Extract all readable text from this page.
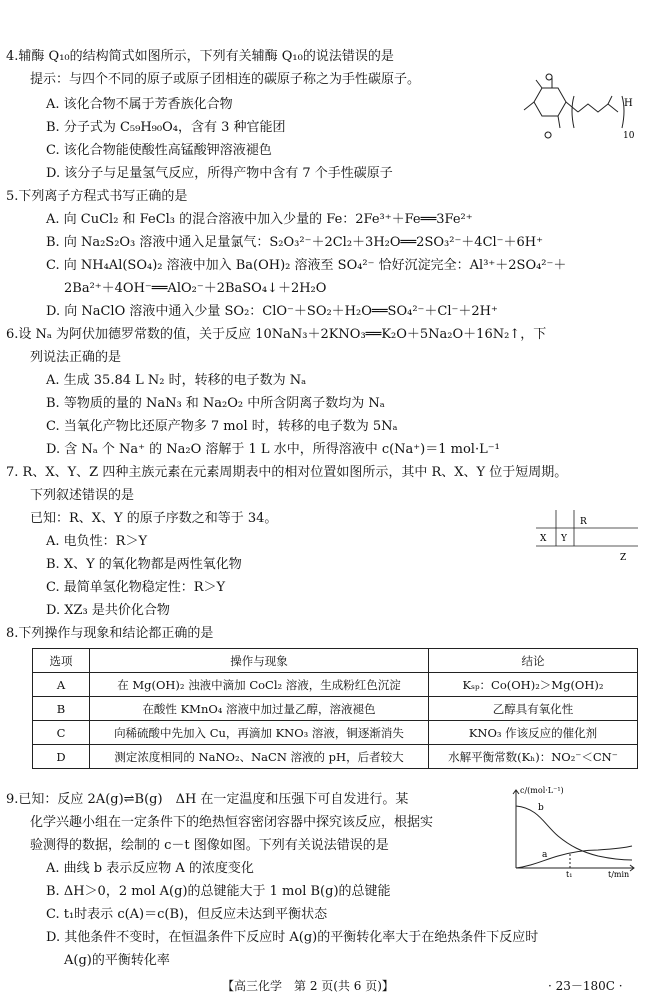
4.辅酶 Q₁₀的结构简式如图所示，下列有关辅酶 Q₁₀的说法错误的是
提示：与四个不同的原子或原子团相连的碳原子称之为手性碳原子。
A. 该化合物不属于芳香族化合物
B. 分子式为 C₅₉H₉₀O₄，含有 3 种官能团
C. 该化合物能使酸性高锰酸钾溶液褪色
D. 该分子与足量氢气反应，所得产物中含有 7 个手性碳原子
H
10
5.下列离子方程式书写正确的是
A. 向 CuCl₂ 和 FeCl₃ 的混合溶液中加入少量的 Fe：2Fe³⁺＋Fe══3Fe²⁺
B. 向 Na₂S₂O₃ 溶液中通入足量氯气：S₂O₃²⁻＋2Cl₂＋3H₂O══2SO₃²⁻＋4Cl⁻＋6H⁺
C. 向 NH₄Al(SO₄)₂ 溶液中加入 Ba(OH)₂ 溶液至 SO₄²⁻ 恰好沉淀完全：Al³⁺＋2SO₄²⁻＋
2Ba²⁺＋4OH⁻══AlO₂⁻＋2BaSO₄↓＋2H₂O
D. 向 NaClO 溶液中通入少量 SO₂：ClO⁻＋SO₂＋H₂O══SO₄²⁻＋Cl⁻＋2H⁺
6.设 Nₐ 为阿伏加德罗常数的值，关于反应 10NaN₃＋2KNO₃══K₂O＋5Na₂O＋16N₂↑，下
列说法正确的是
A. 生成 35.84 L N₂ 时，转移的电子数为 Nₐ
B. 等物质的量的 NaN₃ 和 Na₂O₂ 中所含阴离子数均为 Nₐ
C. 当氧化产物比还原产物多 7 mol 时，转移的电子数为 5Nₐ
D. 含 Nₐ 个 Na⁺ 的 Na₂O 溶解于 1 L 水中，所得溶液中 c(Na⁺)＝1 mol·L⁻¹
7. R、X、Y、Z 四种主族元素在元素周期表中的相对位置如图所示，其中 R、X、Y 位于短周期。
下列叙述错误的是
已知：R、X、Y 的原子序数之和等于 34。
A. 电负性：R＞Y
B. X、Y 的氧化物都是两性氧化物
C. 最简单氢化物稳定性：R＞Y
D. XZ₃ 是共价化合物
R
X Y
Z
8.下列操作与现象和结论都正确的是
选项	操作与现象	结论
A	在 Mg(OH)₂ 浊液中滴加 CoCl₂ 溶液，生成粉红色沉淀	Kₛₚ：Co(OH)₂＞Mg(OH)₂
B	在酸性 KMnO₄ 溶液中加过量乙醇，溶液褪色	乙醇具有氧化性
C	向稀硫酸中先加入 Cu，再滴加 KNO₃ 溶液，铜逐渐消失	KNO₃ 作该反应的催化剂
D	测定浓度相同的 NaNO₂、NaCN 溶液的 pH，后者较大	水解平衡常数(Kₕ)：NO₂⁻＜CN⁻
9.已知：反应 2A(g)⇌B(g)　ΔH 在一定温度和压强下可自发进行。某
化学兴趣小组在一定条件下的绝热恒容密闭容器中探究该反应，根据实
验测得的数据，绘制的 c－t 图像如图。下列有关说法错误的是
A. 曲线 b 表示反应物 A 的浓度变化
B. ΔH＞0，2 mol A(g)的总键能大于 1 mol B(g)的总键能
C. t₁时表示 c(A)＝c(B)，但反应未达到平衡状态
D. 其他条件不变时，在恒温条件下反应时 A(g)的平衡转化率大于在绝热条件下反应时
A(g)的平衡转化率
c/(mol·L⁻¹)
t/min
b
a
t₁
【高三化学　第 2 页(共 6 页)】	· 23－180C ·
